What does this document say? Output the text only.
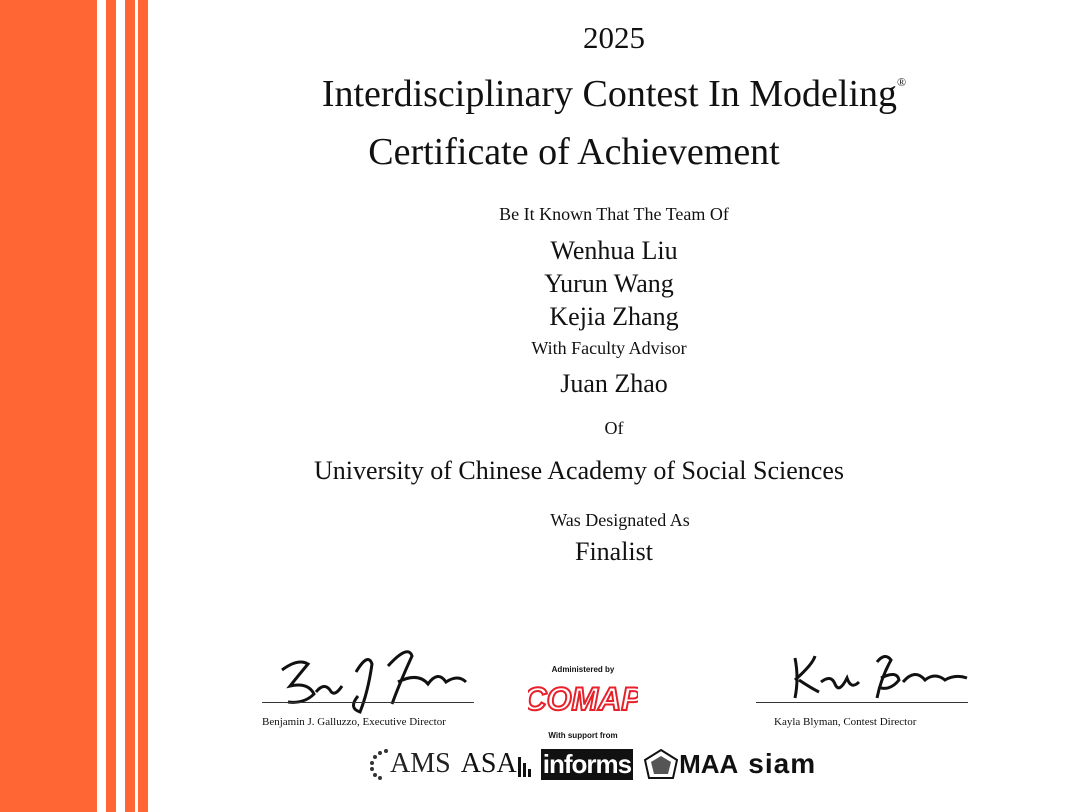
2025
Interdisciplinary Contest In Modeling®
Certificate of Achievement
Be It Known That The Team Of
Wenhua Liu
Yurun Wang
Kejia Zhang
With Faculty Advisor
Juan Zhao
Of
University of Chinese Academy of Social Sciences
Was Designated As
Finalist
Benjamin J. Galluzzo, Executive Director	Kayla Blyman, Contest Director
Administered by
COMAP
With support from
AMS ASA informs MAA siam
